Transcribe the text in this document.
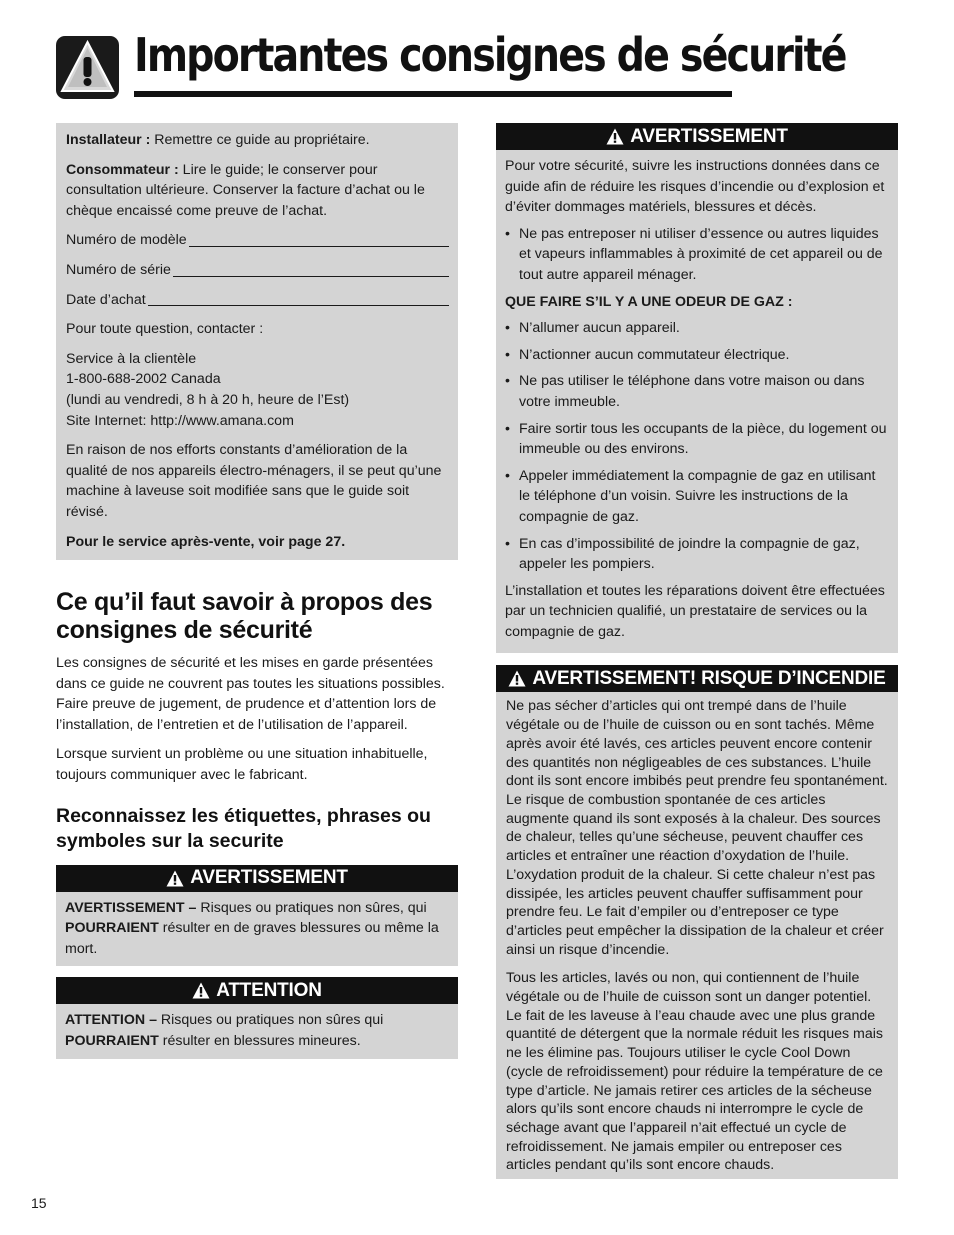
Importantes consignes de sécurité

Installateur : Remettre ce guide au propriétaire.

Consommateur : Lire le guide; le conserver pour consultation ultérieure. Conserver la facture d’achat ou le chèque encaissé come preuve de l’achat.

Numéro de modèle

Numéro de série

Date d’achat

Pour toute question, contacter :

Service à la clientèle
1-800-688-2002 Canada
(lundi au vendredi, 8 h à 20 h, heure de l’Est)
Site Internet: http://www.amana.com

En raison de nos efforts constants d’amélioration de la qualité de nos appareils électro-ménagers, il se peut qu’une machine à laveuse soit modifiée sans que le guide soit révisé.

Pour le service après-vente, voir page 27.

Ce qu’il faut savoir à propos des consignes de sécurité

Les consignes de sécurité et les mises en garde présentées dans ce guide ne couvrent pas toutes les situations possibles. Faire preuve de jugement, de prudence et d’attention lors de l’installation, de l’entretien et de l’utilisation de l’appareil.

Lorsque survient un problème ou une situation inhabituelle, toujours communiquer avec le fabricant.

Reconnaissez les étiquettes, phrases ou symboles sur la securite
AVERTISSEMENT
AVERTISSEMENT – Risques ou pratiques non sûres, qui POURRAIENT résulter en de graves blessures ou même la mort.
ATTENTION
ATTENTION – Risques ou pratiques non sûres qui POURRAIENT résulter en blessures mineures.
AVERTISSEMENT

Pour votre sécurité, suivre les instructions données dans ce guide afin de réduire les risques d’incendie ou d’explosion et d’éviter dommages matériels, blessures et décès.

• Ne pas entreposer ni utiliser d’essence ou autres liquides et vapeurs inflammables à proximité de cet appareil ou de tout autre appareil ménager.

QUE FAIRE S’IL Y A UNE ODEUR DE GAZ :

• N’allumer aucun appareil.
• N’actionner aucun commutateur électrique.
• Ne pas utiliser le téléphone dans votre maison ou dans votre immeuble.
• Faire sortir tous les occupants de la pièce, du logement ou immeuble ou des environs.
• Appeler immédiatement la compagnie de gaz en utilisant le téléphone d’un voisin. Suivre les instructions de la compagnie de gaz.
• En cas d’impossibilité de joindre la compagnie de gaz, appeler les pompiers.

L’installation et toutes les réparations doivent être effectuées par un technicien qualifié, un prestataire de services ou la compagnie de gaz.

AVERTISSEMENT! RISQUE D’INCENDIE

Ne pas sécher d’articles qui ont trempé dans de l’huile végétale ou de l’huile de cuisson ou en sont tachés. Même après avoir été lavés, ces articles peuvent encore contenir des quantités non négligeables de ces substances. L’huile dont ils sont encore imbibés peut prendre feu spontanément. Le risque de combustion spontanée de ces articles augmente quand ils sont exposés à la chaleur. Des sources de chaleur, telles qu’une sécheuse, peuvent chauffer ces articles et entraîner une réaction d’oxydation de l’huile. L’oxydation produit de la chaleur. Si cette chaleur n’est pas dissipée, les articles peuvent chauffer suffisamment pour prendre feu. Le fait d’empiler ou d’entreposer ce type d’articles peut empêcher la dissipation de la chaleur et créer ainsi un risque d’incendie.

Tous les articles, lavés ou non, qui contiennent de l’huile végétale ou de l’huile de cuisson sont un danger potentiel. Le fait de les laveuse à l’eau chaude avec une plus grande quantité de détergent que la normale réduit les risques mais ne les élimine pas. Toujours utiliser le cycle Cool Down (cycle de refroidissement) pour réduire la température de ce type d’article. Ne jamais retirer ces articles de la sécheuse alors qu’ils sont encore chauds ni interrompre le cycle de séchage avant que l’appareil n’ait effectué un cycle de refroidissement. Ne jamais empiler ou entreposer ces articles pendant qu’ils sont encore chauds.

15
